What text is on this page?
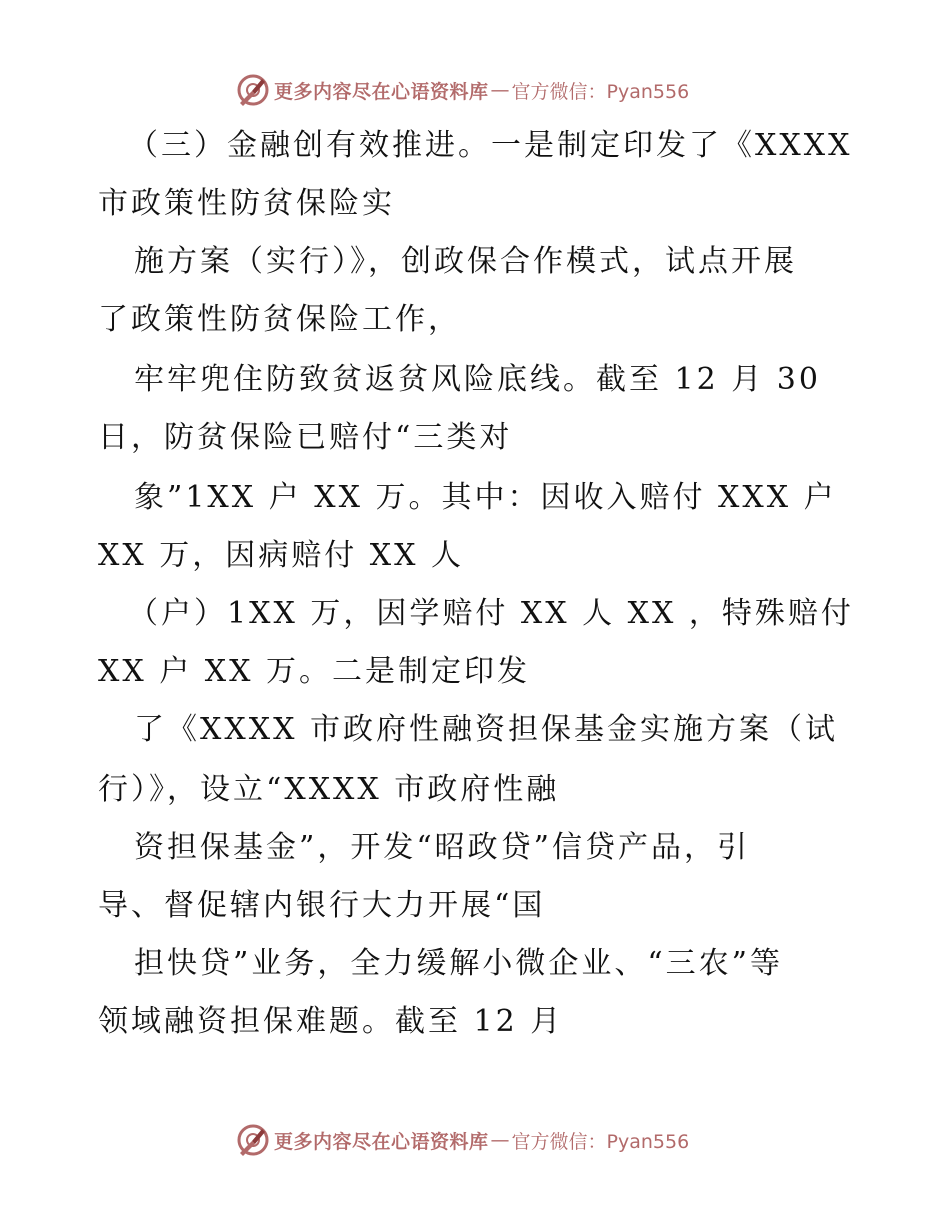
更多内容尽在心语资料库 — 官方微信：Pyan556
（三）金融创有效推进。一是制定印发了《XXXX
市政策性防贫保险实
施方案（实行）》，创政保合作模式，试点开展
了政策性防贫保险工作，
牢牢兜住防致贫返贫风险底线。截至 12 月 30
日，防贫保险已赔付“三类对
象”1XX 户 XX 万。其中：因收入赔付 XXX 户
XX 万，因病赔付 XX 人
（户）1XX 万，因学赔付 XX 人 XX ，特殊赔付
XX 户 XX 万。二是制定印发
了《XXXX 市政府性融资担保基金实施方案（试
行）》，设立“XXXX 市政府性融
资担保基金”，开发“昭政贷”信贷产品，引
导、督促辖内银行大力开展“国
担快贷”业务，全力缓解小微企业、“三农”等
领域融资担保难题。截至 12 月
更多内容尽在心语资料库 — 官方微信：Pyan556
